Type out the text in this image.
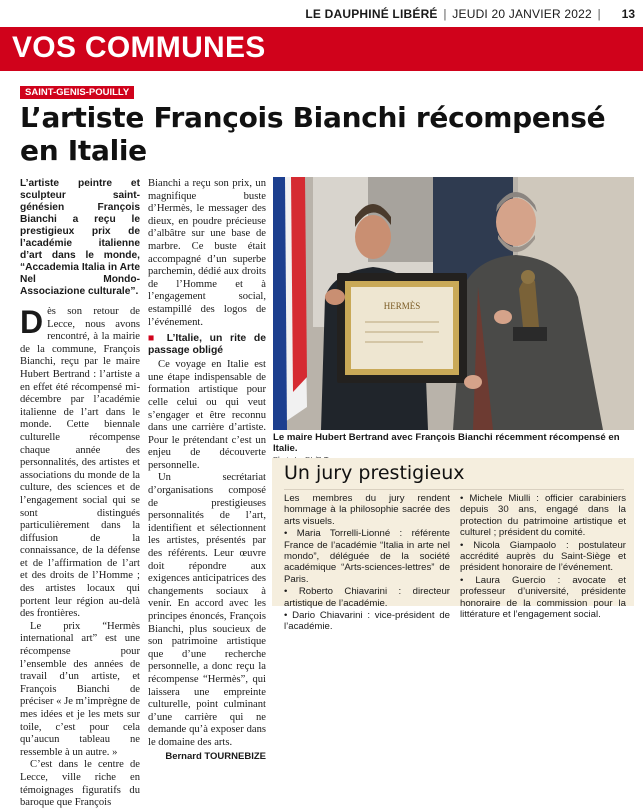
LE DAUPHINÉ LIBÉRÉ | JEUDI 20 JANVIER 2022 | 13
VOS COMMUNES
SAINT-GENIS-POUILLY
L’artiste François Bianchi récompensé en Italie

L’artiste peintre et sculpteur saint-génésien François Bianchi a reçu le prestigieux prix de l’académie italienne d’art dans le monde, “Accademia Italia in Arte Nel Mondo-Associazione culturale”.

Dès son retour de Lecce, nous avons rencontré, à la mairie de la commune, François Bianchi, reçu par le maire Hubert Bertrand : l’artiste a en effet été récompensé mi-décembre par l’académie italienne de l’art dans le monde. Cette biennale culturelle récompense chaque année des personnalités, des artistes et associations du monde de la culture, des sciences et de l’engagement social qui se sont distingués particulièrement dans la diffusion de la connaissance, de la défense et de l’affirmation de l’art et des droits de l’Homme ; des artistes locaux qui portent leur région au-delà des frontières.

Le prix “Hermès international art” est une récompense pour l’ensemble des années de travail d’un artiste, et François Bianchi de préciser « Je m’imprègne de mes idées et je les mets sur toile, c’est pour cela qu’aucun tableau ne ressemble à un autre. »

C’est dans le centre de Lecce, ville riche en témoignages figuratifs du baroque que François

Bianchi a reçu son prix, un magnifique buste d’Hermès, le messager des dieux, en poudre précieuse d’albâtre sur une base de marbre. Ce buste était accompagné d’un superbe parchemin, dédié aux droits de l’Homme et à l’engagement social, estampillé des logos de l’événement.

■ L’Italie, un rite de passage obligé

Ce voyage en Italie est une étape indispensable de formation artistique pour celle celui ou qui veut s’engager et être reconnu dans une carrière d’artiste. Pour le prétendant c’est un enjeu de découverte personnelle.

Un secrétariat d’organisations composé de prestigieuses personnalités de l’art, identifient et sélectionnent les artistes, présentés par des référents. Leur œuvre doit répondre aux exigences anticipatrices des changements sociaux à venir. En accord avec les principes énoncés, François Bianchi, plus soucieux de son patrimoine artistique que d’une recherche personnelle, a donc reçu la récompense “Hermès”, qui laissera une empreinte culturelle, point culminant d’une carrière qui ne demande qu’à exposer dans le domaine des arts.

Bernard TOURNEBIZE

HERMÈS
Le maire Hubert Bertrand avec François Bianchi récemment récompensé en Italie.

Un jury prestigieux

Les membres du jury rendent hommage à la philosophie sacrée des arts visuels.

• Maria Torrelli-Lionné : référente France de l’académie “Italia in arte nel mondo”, déléguée de la société académique “Arts-sciences-lettres” de Paris.

• Roberto Chiavarini : directeur artistique de l’académie.

• Dario Chiavarini : vice-président de l’académie.

• Michele Miulli : officier carabiniers depuis 30 ans, engagé dans la protection du patrimoine artistique et culturel ; président du comité.

• Nicola Giampaolo : postulateur accrédité auprès du Saint-Siège et président honoraire de l’événement.

• Laura Guercio : avocate et professeur d’université, présidente honoraire de la commission pour la littérature et l’engagement social.
